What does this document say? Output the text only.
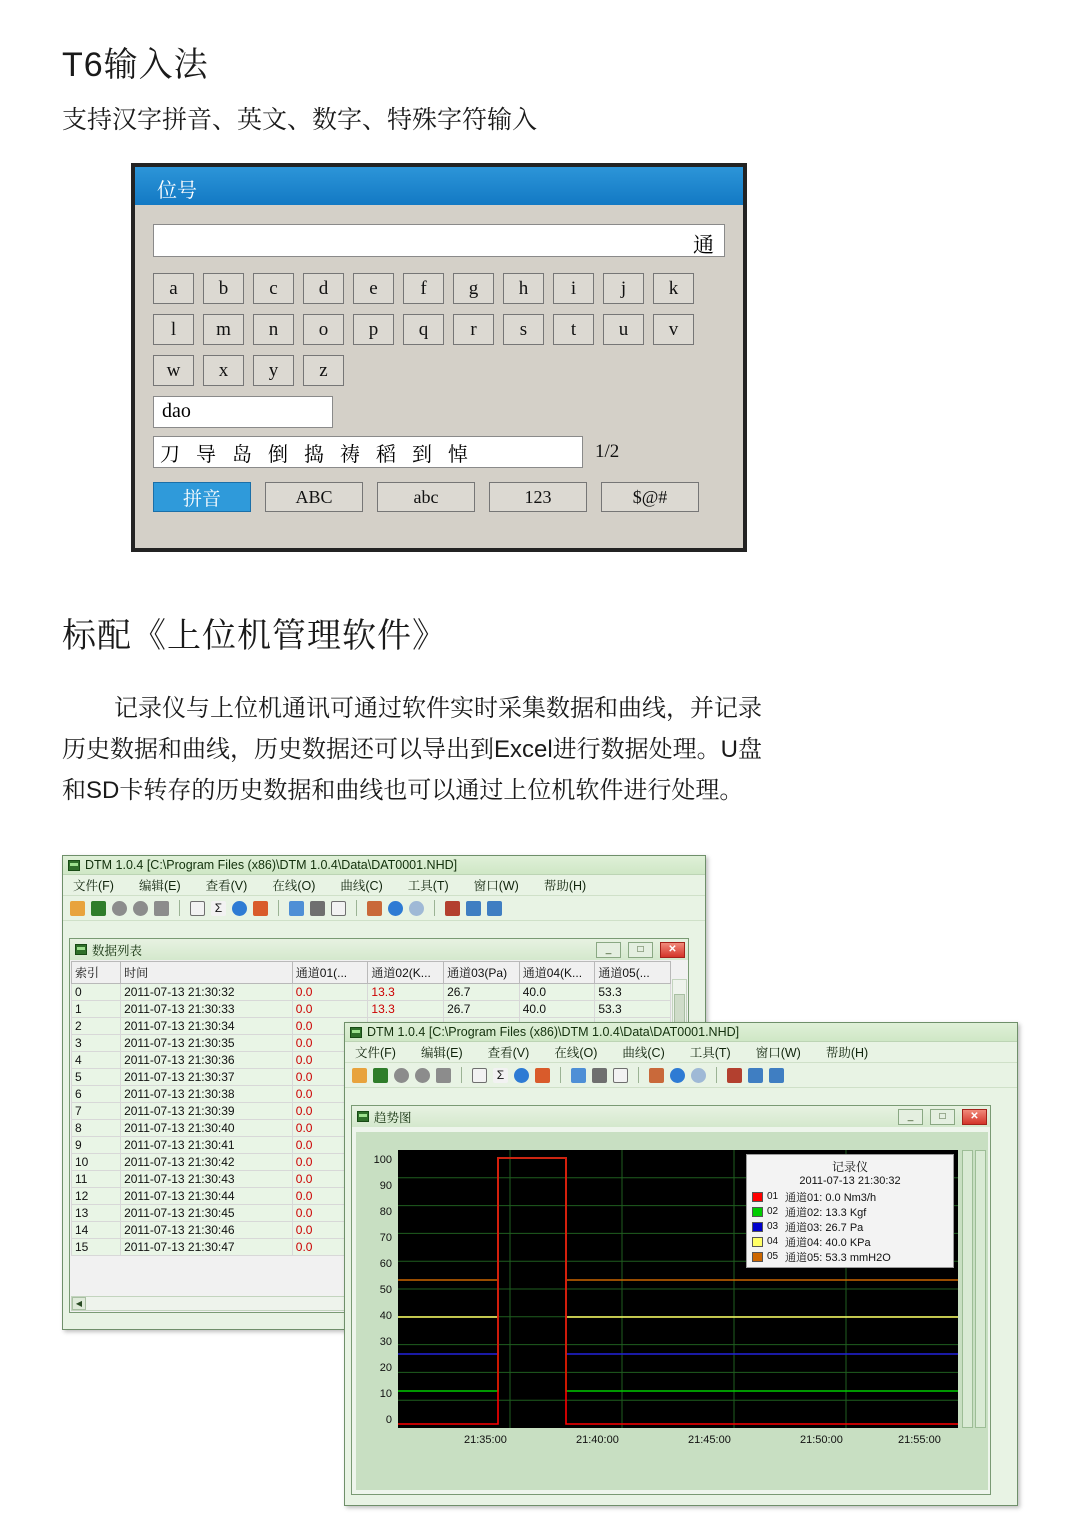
T6输入法
支持汉字拼音、英文、数字、特殊字符输入
位号
通
a	b	c	d	e	f	g	h	i	j	k
l	m	n	o	p	q	r	s	t	u	v
w	x	y	z
dao
刀 导 岛 倒 捣 祷 稻 到 悼	1/2
拼音	ABC	abc	123	$@#
标配《上位机管理软件》
记录仪与上位机通讯可通过软件实时采集数据和曲线，并记录
历史数据和曲线，历史数据还可以导出到Excel进行数据处理。U盘
和SD卡转存的历史数据和曲线也可以通过上位机软件进行处理。
DTM 1.0.4 [C:\Program Files (x86)\DTM 1.0.4\Data\DAT0001.NHD]
文件(F) 编辑(E) 查看(V) 在线(O) 曲线(C) 工具(T) 窗口(W) 帮助(H)
Σ
数据列表	_	□	✕
索引	时间	通道01(...	通道02(K...	通道03(Pa)	通道04(K...	通道05(...
0	2011-07-13 21:30:32	0.0	13.3	26.7	40.0	53.3
1	2011-07-13 21:30:33	0.0	13.3	26.7	40.0	53.3
2	2011-07-13 21:30:34	0.0				
3	2011-07-13 21:30:35	0.0				
4	2011-07-13 21:30:36	0.0				
5	2011-07-13 21:30:37	0.0				
6	2011-07-13 21:30:38	0.0				
7	2011-07-13 21:30:39	0.0				
8	2011-07-13 21:30:40	0.0				
9	2011-07-13 21:30:41	0.0				
10	2011-07-13 21:30:42	0.0				
11	2011-07-13 21:30:43	0.0				
12	2011-07-13 21:30:44	0.0				
13	2011-07-13 21:30:45	0.0				
14	2011-07-13 21:30:46	0.0				
15	2011-07-13 21:30:47	0.0				
◀
DTM 1.0.4 [C:\Program Files (x86)\DTM 1.0.4\Data\DAT0001.NHD]
文件(F) 编辑(E) 查看(V) 在线(O) 曲线(C) 工具(T) 窗口(W) 帮助(H)
Σ
趋势图	_	□	✕
100
90
80
70
60
50
40
30
20
10
0
记录仪
2011-07-13 21:30:32
01 通道01: 0.0 Nm3/h
02 通道02: 13.3 Kgf
03 通道03: 26.7 Pa
04 通道04: 40.0 KPa
05 通道05: 53.3 mmH2O
21:35:00	21:40:00	21:45:00	21:50:00	21:55:00
